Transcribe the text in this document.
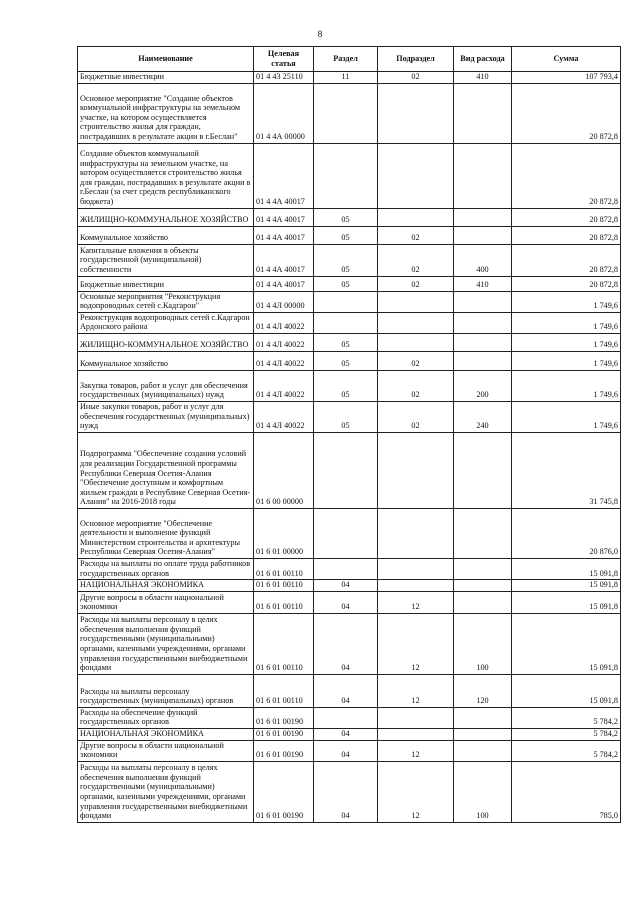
8
Наименование	Целевая статья	Раздел	Подраздел	Вид расхода	Сумма
Бюджетные инвестиции	01 4 43 25110	11	02	410	107 793,4
Основное мероприятие "Создание объектов коммунальной инфраструктуры на земельном участке, на котором осуществляется строительство жилья для граждан, пострадавших в результате акции в г.Беслан"	01 4 4А 00000				20 872,8
Создание объектов коммунальной инфраструктуры на земельном участке, на котором осуществляется строительство жилья для граждан, пострадавших в результате акции в г.Беслан (за счет средств республиканского бюджета)	01 4 4А 40017				20 872,8
ЖИЛИЩНО-КОММУНАЛЬНОЕ ХОЗЯЙСТВО	01 4 4А 40017	05			20 872,8
Коммунальное хозяйство	01 4 4А 40017	05	02		20 872,8
Капитальные вложения в объекты государственной (муниципальной) собственности	01 4 4А 40017	05	02	400	20 872,8
Бюджетные инвестиции	01 4 4А 40017	05	02	410	20 872,8
Основные мероприятия "Реконструкция водопроводных сетей с.Кадгарон"	01 4 4Л 00000				1 749,6
Реконструкция водопроводных сетей с.Кадгарон Ардонского района	01 4 4Л 40022				1 749,6
ЖИЛИЩНО-КОММУНАЛЬНОЕ ХОЗЯЙСТВО	01 4 4Л 40022	05			1 749,6
Коммунальное хозяйство	01 4 4Л 40022	05	02		1 749,6
Закупка товаров, работ и услуг для обеспечения государственных (муниципальных) нужд	01 4 4Л 40022	05	02	200	1 749,6
Иные закупки товаров, работ и услуг для обеспечения государственных (муниципальных) нужд	01 4 4Л 40022	05	02	240	1 749,6
Подпрограмма "Обеспечение создания условий для реализации Государственной программы Республики Северная Осетия-Алания "Обеспечение доступным и комфортным жильем граждан в Республике Северная Осетия-Алания" на 2016-2018 годы	01 6 00 00000				31 745,8
Основное мероприятие "Обеспечение деятельности и выполнение функций Министерством строительства и архитектуры Республики Северная Осетия-Алания"	01 6 01 00000				20 876,0
Расходы на выплаты по оплате труда работников государственных органов	01 6 01 00110				15 091,8
НАЦИОНАЛЬНАЯ ЭКОНОМИКА	01 6 01 00110	04			15 091,8
Другие вопросы в области национальной экономики	01 6 01 00110	04	12		15 091,8
Расходы на выплаты персоналу в целях обеспечения выполнения функций государственными (муниципальными) органами, казенными учреждениями, органами управления государственными внебюджетными фондами	01 6 01 00110	04	12	100	15 091,8
Расходы на выплаты персоналу государственных (муниципальных) органов	01 6 01 00110	04	12	120	15 091,8
Расходы на обеспечение функций государственных органов	01 6 01 00190				5 784,2
НАЦИОНАЛЬНАЯ ЭКОНОМИКА	01 6 01 00190	04			5 784,2
Другие вопросы в области национальной экономики	01 6 01 00190	04	12		5 784,2
Расходы на выплаты персоналу в целях обеспечения выполнения функций государственными (муниципальными) органами, казенными учреждениями, органами управления государственными внебюджетными фондами	01 6 01 00190	04	12	100	785,0
